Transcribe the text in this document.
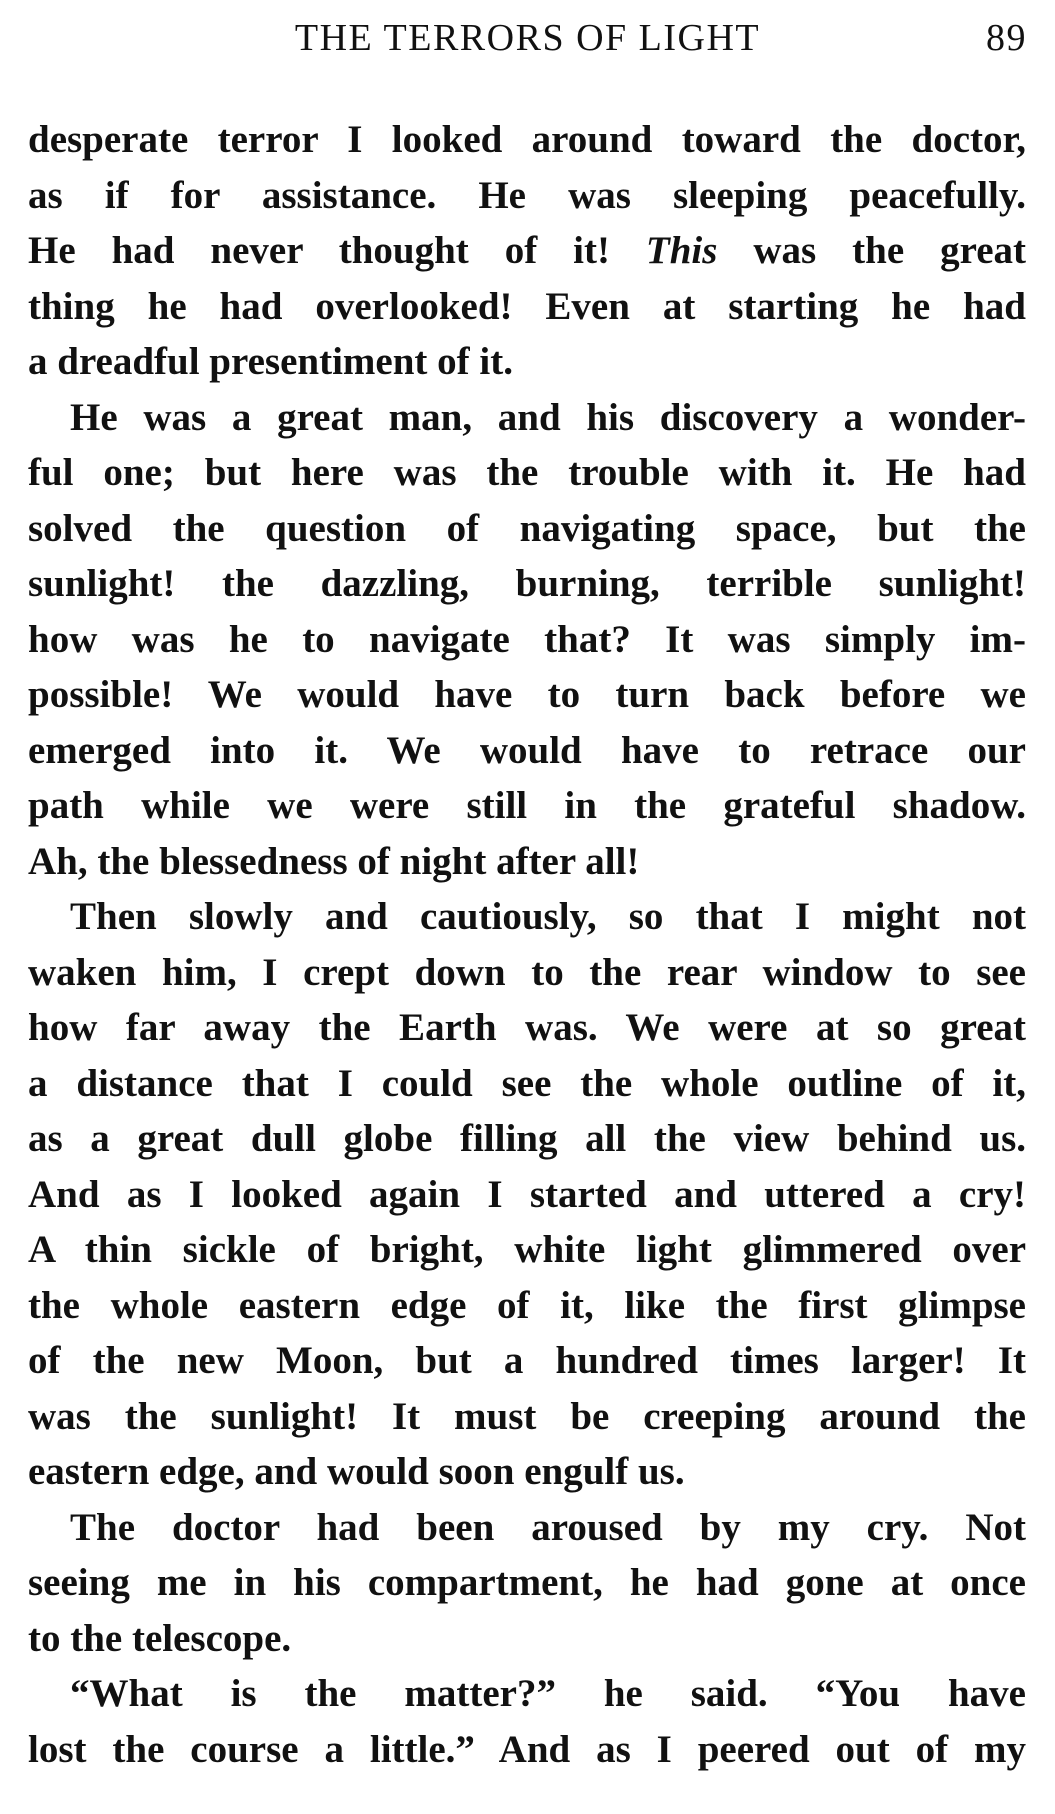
THE TERRORS OF LIGHT	89

desperate terror I looked around toward the doctor,
as if for assistance. He was sleeping peacefully.
He had never thought of it! This was the great
thing he had overlooked! Even at starting he had
a dreadful presentiment of it.

He was a great man, and his discovery a wonder-
ful one; but here was the trouble with it. He had
solved the question of navigating space, but the
sunlight! the dazzling, burning, terrible sunlight!
how was he to navigate that? It was simply im-
possible! We would have to turn back before we
emerged into it. We would have to retrace our
path while we were still in the grateful shadow.
Ah, the blessedness of night after all!

Then slowly and cautiously, so that I might not
waken him, I crept down to the rear window to see
how far away the Earth was. We were at so great
a distance that I could see the whole outline of it,
as a great dull globe filling all the view behind us.
And as I looked again I started and uttered a cry!
A thin sickle of bright, white light glimmered over
the whole eastern edge of it, like the first glimpse
of the new Moon, but a hundred times larger! It
was the sunlight! It must be creeping around the
eastern edge, and would soon engulf us.

The doctor had been aroused by my cry. Not
seeing me in his compartment, he had gone at once
to the telescope.

“What is the matter?” he said. “You have
lost the course a little.” And as I peered out of my
